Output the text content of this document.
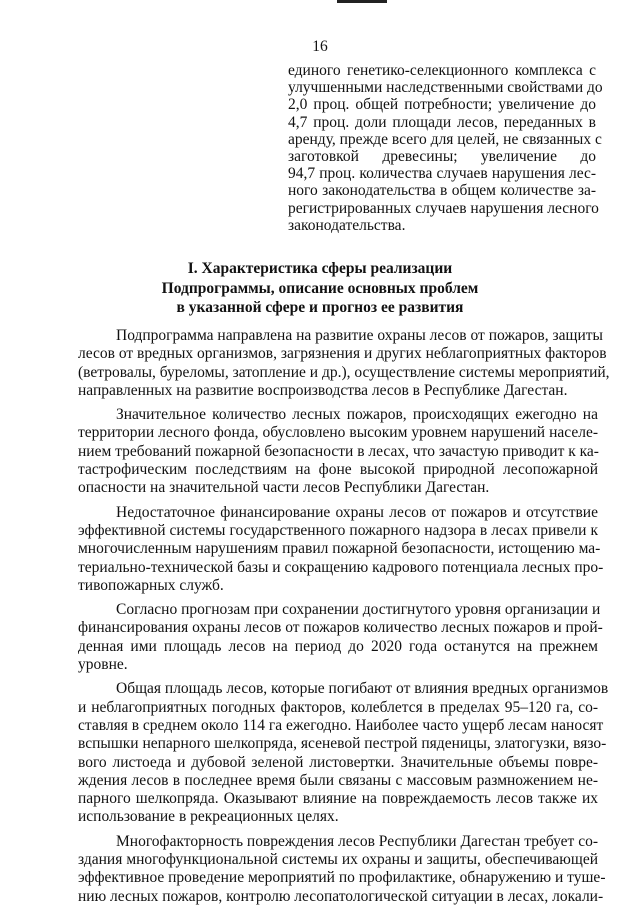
16
единого генетико-селекционного комплекса с
улучшенными наследственными свойствами до
2,0 проц. общей потребности; увеличение до
4,7 проц. доли площади лесов, переданных в
аренду, прежде всего для целей, не связанных с
заготовкой древесины; увеличение до
94,7 проц. количества случаев нарушения лес-
ного законодательства в общем количестве за-
регистрированных случаев нарушения лесного
законодательства.
I. Характеристика сферы реализации
Подпрограммы, описание основных проблем
в указанной сфере и прогноз ее развития
Подпрограмма направлена на развитие охраны лесов от пожаров, защиты
лесов от вредных организмов, загрязнения и других неблагоприятных факторов
(ветровалы, буреломы, затопление и др.), осуществление системы мероприятий,
направленных на развитие воспроизводства лесов в Республике Дагестан.
Значительное количество лесных пожаров, происходящих ежегодно на
территории лесного фонда, обусловлено высоким уровнем нарушений населе-
нием требований пожарной безопасности в лесах, что зачастую приводит к ка-
тастрофическим последствиям на фоне высокой природной лесопожарной
опасности на значительной части лесов Республики Дагестан.
Недостаточное финансирование охраны лесов от пожаров и отсутствие
эффективной системы государственного пожарного надзора в лесах привели к
многочисленным нарушениям правил пожарной безопасности, истощению ма-
териально-технической базы и сокращению кадрового потенциала лесных про-
тивопожарных служб.
Согласно прогнозам при сохранении достигнутого уровня организации и
финансирования охраны лесов от пожаров количество лесных пожаров и прой-
денная ими площадь лесов на период до 2020 года останутся на прежнем
уровне.
Общая площадь лесов, которые погибают от влияния вредных организмов
и неблагоприятных погодных факторов, колеблется в пределах 95–120 га, со-
ставляя в среднем около 114 га ежегодно. Наиболее часто ущерб лесам наносят
вспышки непарного шелкопряда, ясеневой пестрой пяденицы, златогузки, вязо-
вого листоеда и дубовой зеленой листовертки. Значительные объемы повре-
ждения лесов в последнее время были связаны с массовым размножением не-
парного шелкопряда. Оказывают влияние на повреждаемость лесов также их
использование в рекреационных целях.
Многофакторность повреждения лесов Республики Дагестан требует со-
здания многофункциональной системы их охраны и защиты, обеспечивающей
эффективное проведение мероприятий по профилактике, обнаружению и туше-
нию лесных пожаров, контролю лесопатологической ситуации в лесах, локали-
